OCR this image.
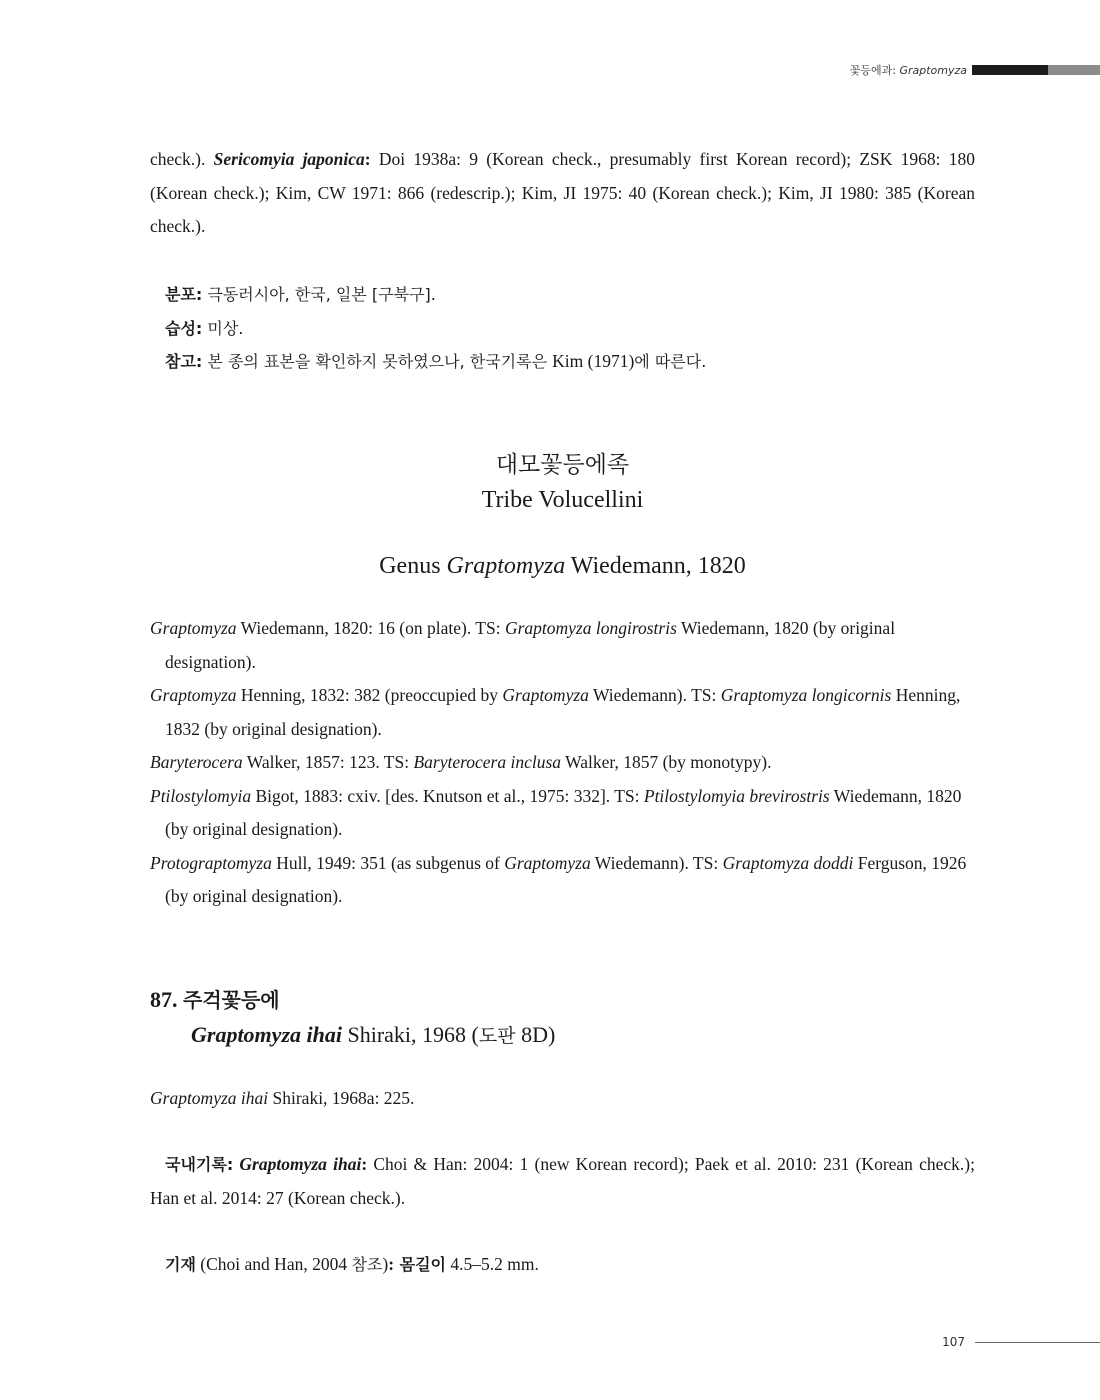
꽃등에과: Graptomyza

check.). Sericomyia japonica: Doi 1938a: 9 (Korean check., presumably first Korean record); ZSK 1968: 180 (Korean check.); Kim, CW 1971: 866 (redescrip.); Kim, JI 1975: 40 (Korean check.); Kim, JI 1980: 385 (Korean check.).

분포: 극동러시아, 한국, 일본 [구북구].

습성: 미상.

참고: 본 종의 표본을 확인하지 못하였으나, 한국기록은 Kim (1971)에 따른다.

대모꽃등에족
Tribe Volucellini
Genus Graptomyza Wiedemann, 1820

Graptomyza Wiedemann, 1820: 16 (on plate). TS: Graptomyza longirostris Wiedemann, 1820 (by original designation).

Graptomyza Henning, 1832: 382 (preoccupied by Graptomyza Wiedemann). TS: Graptomyza longicornis Henning, 1832 (by original designation).

Baryterocera Walker, 1857: 123. TS: Baryterocera inclusa Walker, 1857 (by monotypy).

Ptilostylomyia Bigot, 1883: cxiv. [des. Knutson et al., 1975: 332]. TS: Ptilostylomyia brevirostris Wiedemann, 1820 (by original designation).

Protograptomyza Hull, 1949: 351 (as subgenus of Graptomyza Wiedemann). TS: Graptomyza doddi Ferguson, 1926 (by original designation).

87. 주걱꽃등에
Graptomyza ihai Shiraki, 1968 (도판 8D)

Graptomyza ihai Shiraki, 1968a: 225.

국내기록: Graptomyza ihai: Choi & Han: 2004: 1 (new Korean record); Paek et al. 2010: 231 (Korean check.); Han et al. 2014: 27 (Korean check.).

기재 (Choi and Han, 2004 참조): 몸길이 4.5–5.2 mm.

107
